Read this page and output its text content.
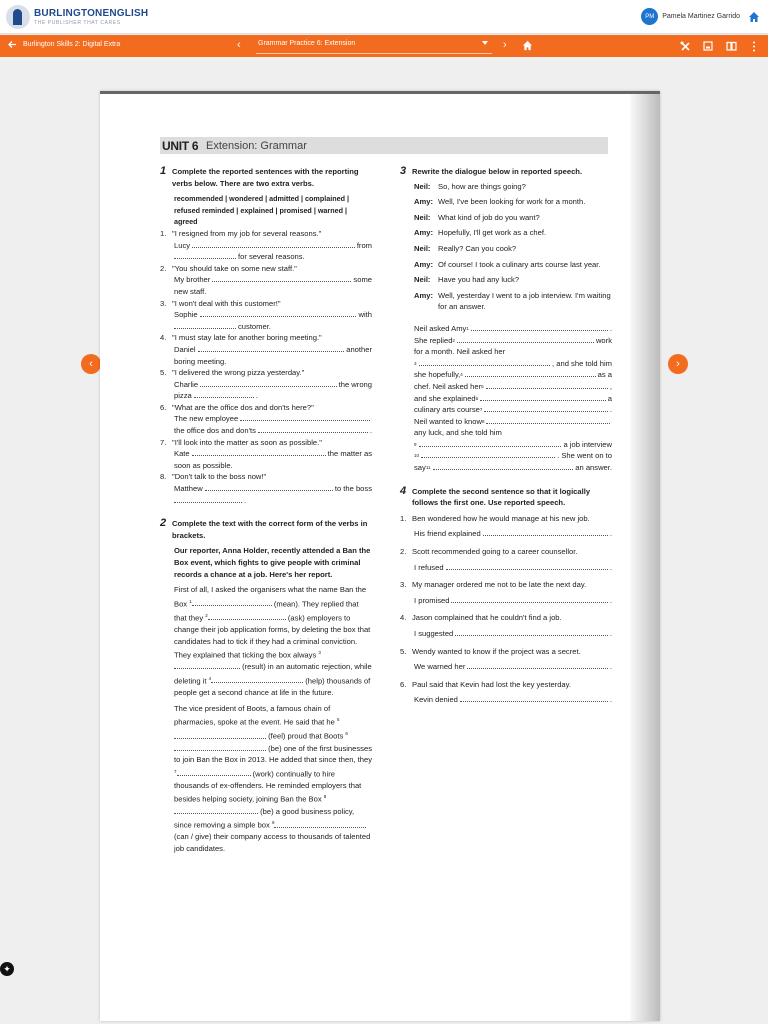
BURLINGTONENGLISH
THE PUBLISHER THAT CARES
PM	Pamela Martinez Garrido
Burlington Skills 2: Digital Extra	‹ Grammar Practice 6: Extension	›
‹	›
✦
UNIT 6 Extension: Grammar
1 Complete the reported sentences with the reporting verbs below. There are two extra verbs.
recommended | wondered | admitted | complained | refused reminded | explained | promised | warned | agreed
1. "I resigned from my job for several reasons."
Lucy	from
for several reasons.
2. "You should take on some new staff."
My brother	some
new staff.
3. "I won't deal with this customer!"
Sophie	with
customer.
4. "I must stay late for another boring meeting."
Daniel	another
boring meeting.
5. "I delivered the wrong pizza yesterday."
Charlie	the wrong
pizza	.
6. "What are the office dos and don'ts here?"
The new employee
the office dos and don'ts	.
7. "I'll look into the matter as soon as possible."
Kate	the matter as
soon as possible.
8. "Don't talk to the boss now!"
Matthew	to the boss
.
2 Complete the text with the correct form of the verbs in brackets.
Our reporter, Anna Holder, recently attended a Ban the Box event, which fights to give people with criminal records a chance at a job. Here's her report.
First of all, I asked the organisers what the name Ban the Box $^1$	(mean). They replied that that they $^2$	(ask) employers to change their job application forms, by deleting the box that candidates had to tick if they had a criminal conviction. They explained that ticking the box always $^3$ (result) in an automatic rejection, while deleting it $^4$	(help) thousands of people get a second chance at life in the future.
The vice president of Boots, a famous chain of pharmacies, spoke at the event. He said that he $^5$ (feel) proud that Boots $^6$ (be) one of the first businesses to join Ban the Box in 2013. He added that since then, they $^7$	(work) continually to hire thousands of ex-offenders. He reminded employers that besides helping society, joining Ban the Box $^8$ (be) a good business policy, since removing a simple box $^9$ (can / give) their company access to thousands of talented job candidates.
3 Rewrite the dialogue below in reported speech.
Neil: So, how are things going?
Amy: Well, I've been looking for work for a month.
Neil: What kind of job do you want?
Amy: Hopefully, I'll get work as a chef.
Neil: Really? Can you cook?
Amy: Of course! I took a culinary arts course last year.
Neil: Have you had any luck?
Amy: Well, yesterday I went to a job interview. I'm waiting for an answer.
Neil asked Amy 1	.
She replied 2	work
for a month. Neil asked her
3	, and she told him
she hopefully, 4	as a
chef. Neil asked her 5	,
and she explained 6	a
culinary arts course 7	.
Neil wanted to know 8
any luck, and she told him
9	a job interview
10	. She went on to
say 11	an answer.
4 Complete the second sentence so that it logically follows the first one. Use reported speech.
1. Ben wondered how he would manage at his new job.
His friend explained	.
2. Scott recommended going to a career counsellor.
I refused	.
3. My manager ordered me not to be late the next day.
I promised	.
4. Jason complained that he couldn't find a job.
I suggested	.
5. Wendy wanted to know if the project was a secret.
We warned her	.
6. Paul said that Kevin had lost the key yesterday.
Kevin denied	.
